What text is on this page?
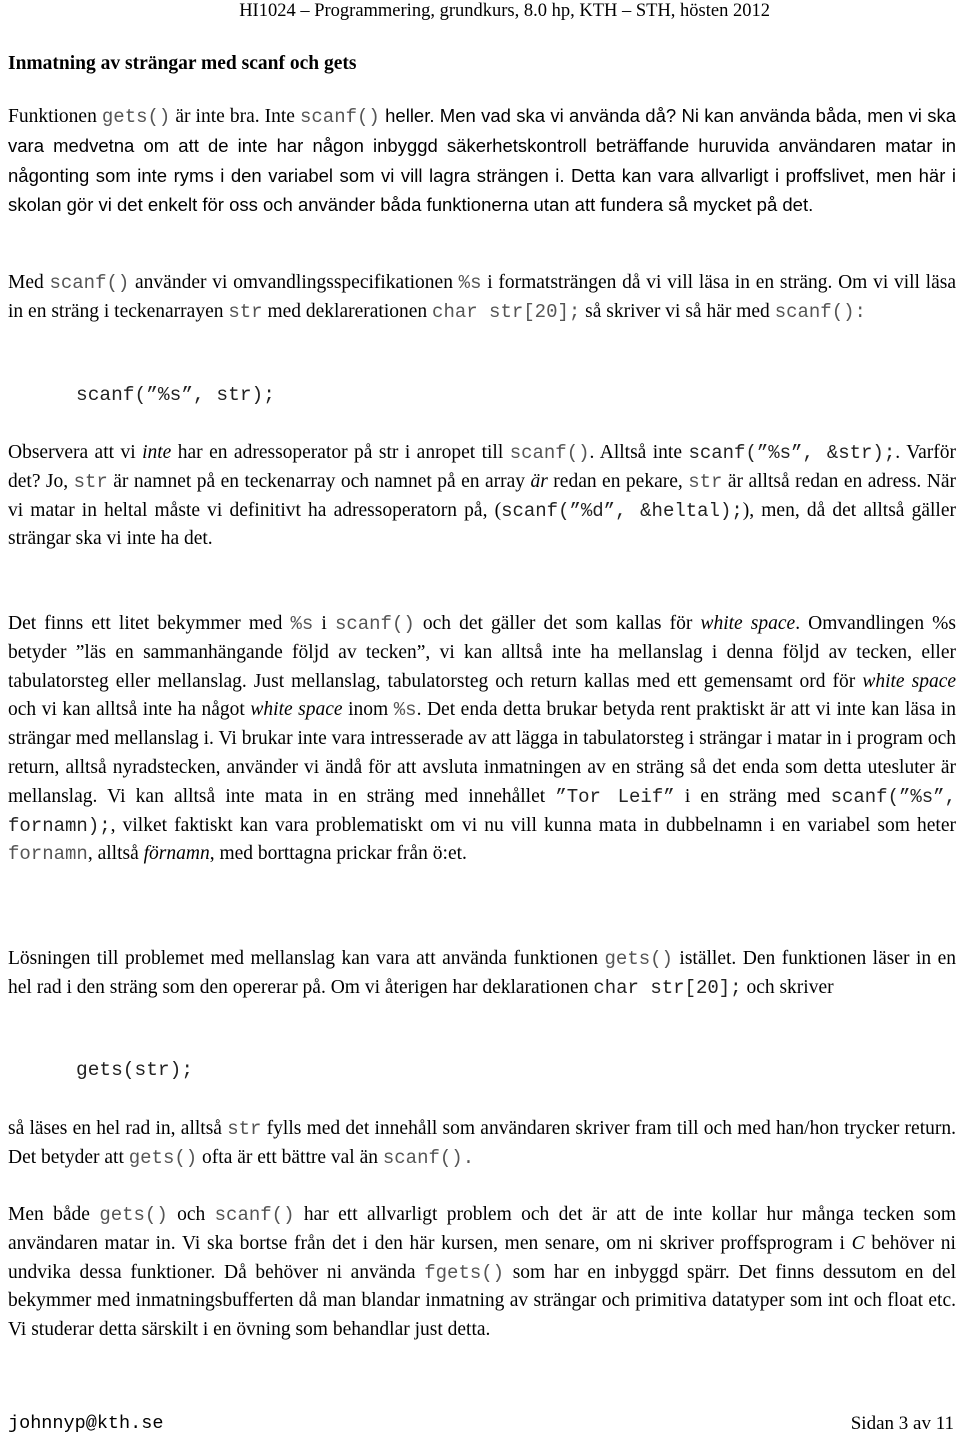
HI1024 – Programmering, grundkurs, 8.0 hp, KTH – STH, hösten 2012
Inmatning av strängar med scanf och gets

Funktionen gets() är inte bra. Inte scanf() heller. Men vad ska vi använda då? Ni kan använda båda, men vi ska vara medvetna om att de inte har någon inbyggd säkerhetskontroll beträffande huruvida användaren matar in någonting som inte ryms i den variabel som vi vill lagra strängen i. Detta kan vara allvarligt i proffslivet, men här i skolan gör vi det enkelt för oss och använder båda funktionerna utan att fundera så mycket på det.

Med scanf() använder vi omvandlingsspecifikationen %s i formatsträngen då vi vill läsa in en sträng. Om vi vill läsa in en sträng i teckenarrayen str med deklarerationen char str[20]; så skriver vi så här med scanf():

scanf(”%s”, str);

Observera att vi inte har en adressoperator på str i anropet till scanf(). Alltså inte scanf(”%s”, &str);. Varför det? Jo, str är namnet på en teckenarray och namnet på en array är redan en pekare, str är alltså redan en adress. När vi matar in heltal måste vi definitivt ha adressoperatorn på, (scanf(”%d”, &heltal);), men, då det alltså gäller strängar ska vi inte ha det.

Det finns ett litet bekymmer med %s i scanf() och det gäller det som kallas för white space. Omvandlingen %s betyder ”läs en sammanhängande följd av tecken”, vi kan alltså inte ha mellanslag i denna följd av tecken, eller tabulatorsteg eller mellanslag. Just mellanslag, tabulatorsteg och return kallas med ett gemensamt ord för white space och vi kan alltså inte ha något white space inom %s. Det enda detta brukar betyda rent praktiskt är att vi inte kan läsa in strängar med mellanslag i. Vi brukar inte vara intresserade av att lägga in tabulatorsteg i strängar i matar in i program och return, alltså nyradstecken, använder vi ändå för att avsluta inmatningen av en sträng så det enda som detta utesluter är mellanslag. Vi kan alltså inte mata in en sträng med innehållet ”Tor Leif” i en sträng med scanf(”%s”, fornamn);, vilket faktiskt kan vara problematiskt om vi nu vill kunna mata in dubbelnamn i en variabel som heter fornamn, alltså förnamn, med borttagna prickar från ö:et.

Lösningen till problemet med mellanslag kan vara att använda funktionen gets() istället. Den funktionen läser in en hel rad i den sträng som den opererar på. Om vi återigen har deklarationen char str[20]; och skriver

gets(str);

så läses en hel rad in, alltså str fylls med det innehåll som användaren skriver fram till och med han/hon trycker return. Det betyder att gets() ofta är ett bättre val än scanf().

Men både gets() och scanf() har ett allvarligt problem och det är att de inte kollar hur många tecken som användaren matar in. Vi ska bortse från det i den här kursen, men senare, om ni skriver proffsprogram i C behöver ni undvika dessa funktioner. Då behöver ni använda fgets() som har en inbyggd spärr. Det finns dessutom en del bekymmer med inmatningsbufferten då man blandar inmatning av strängar och primitiva datatyper som int och float etc. Vi studerar detta särskilt i en övning som behandlar just detta.

johnnyp@kth.se	Sidan 3 av 11
